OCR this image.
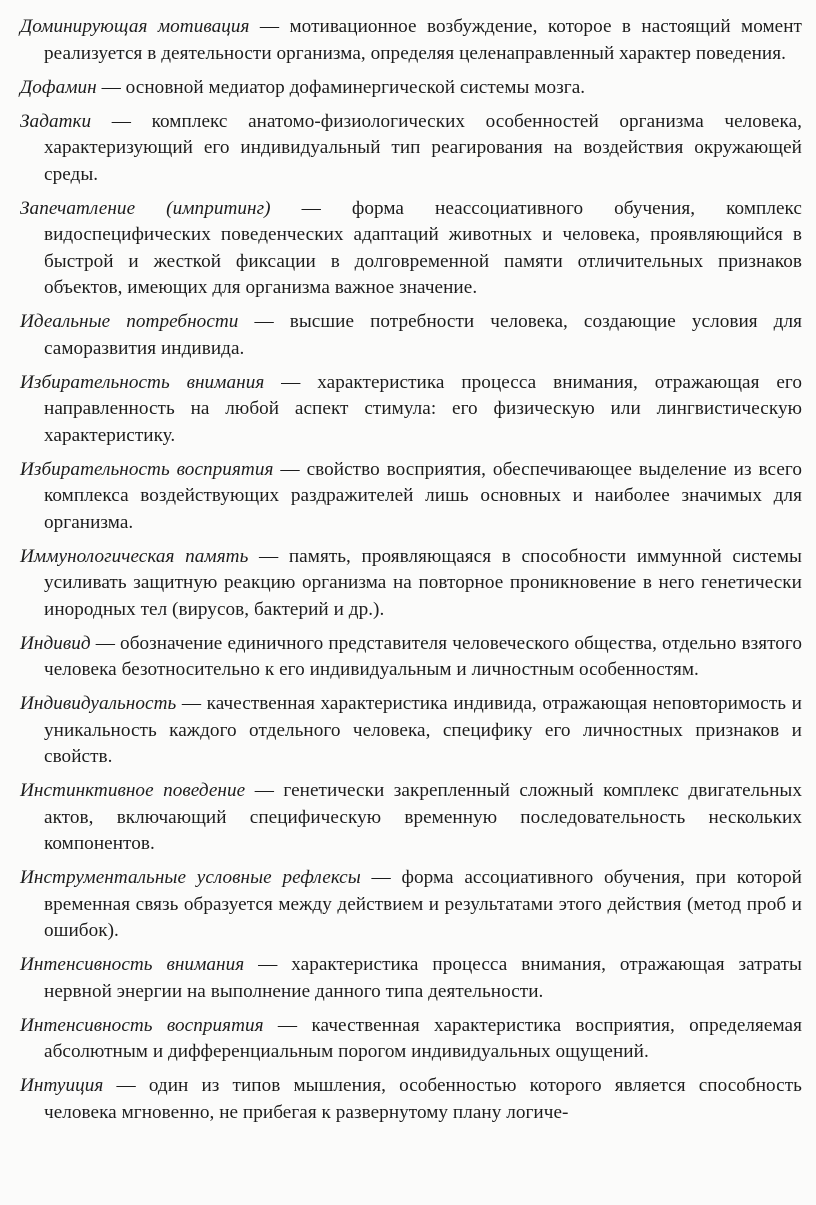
Доминирующая мотивация — мотивационное возбуждение, которое в настоящий момент реализуется в деятельности организма, определяя целенаправленный характер поведения.

Дофамин — основной медиатор дофаминергической системы мозга.

Задатки — комплекс анатомо-физиологических особенностей организма человека, характеризующий его индивидуальный тип реагирования на воздействия окружающей среды.

Запечатление (импритинг) — форма неассоциативного обучения, комплекс видоспецифических поведенческих адаптаций животных и человека, проявляющийся в быстрой и жесткой фиксации в долговременной памяти отличительных признаков объектов, имеющих для организма важное значение.

Идеальные потребности — высшие потребности человека, создающие условия для саморазвития индивида.

Избирательность внимания — характеристика процесса внимания, отражающая его направленность на любой аспект стимула: его физическую или лингвистическую характеристику.

Избирательность восприятия — свойство восприятия, обеспечивающее выделение из всего комплекса воздействующих раздражителей лишь основных и наиболее значимых для организма.

Иммунологическая память — память, проявляющаяся в способности иммунной системы усиливать защитную реакцию организма на повторное проникновение в него генетически инородных тел (вирусов, бактерий и др.).

Индивид — обозначение единичного представителя человеческого общества, отдельно взятого человека безотносительно к его индивидуальным и личностным особенностям.

Индивидуальность — качественная характеристика индивида, отражающая неповторимость и уникальность каждого отдельного человека, специфику его личностных признаков и свойств.

Инстинктивное поведение — генетически закрепленный сложный комплекс двигательных актов, включающий специфическую временную последовательность нескольких компонентов.

Инструментальные условные рефлексы — форма ассоциативного обучения, при которой временная связь образуется между действием и результатами этого действия (метод проб и ошибок).

Интенсивность внимания — характеристика процесса внимания, отражающая затраты нервной энергии на выполнение данного типа деятельности.

Интенсивность восприятия — качественная характеристика восприятия, определяемая абсолютным и дифференциальным порогом индивидуальных ощущений.

Интуиция — один из типов мышления, особенностью которого является способность человека мгновенно, не прибегая к развернутому плану логиче-
